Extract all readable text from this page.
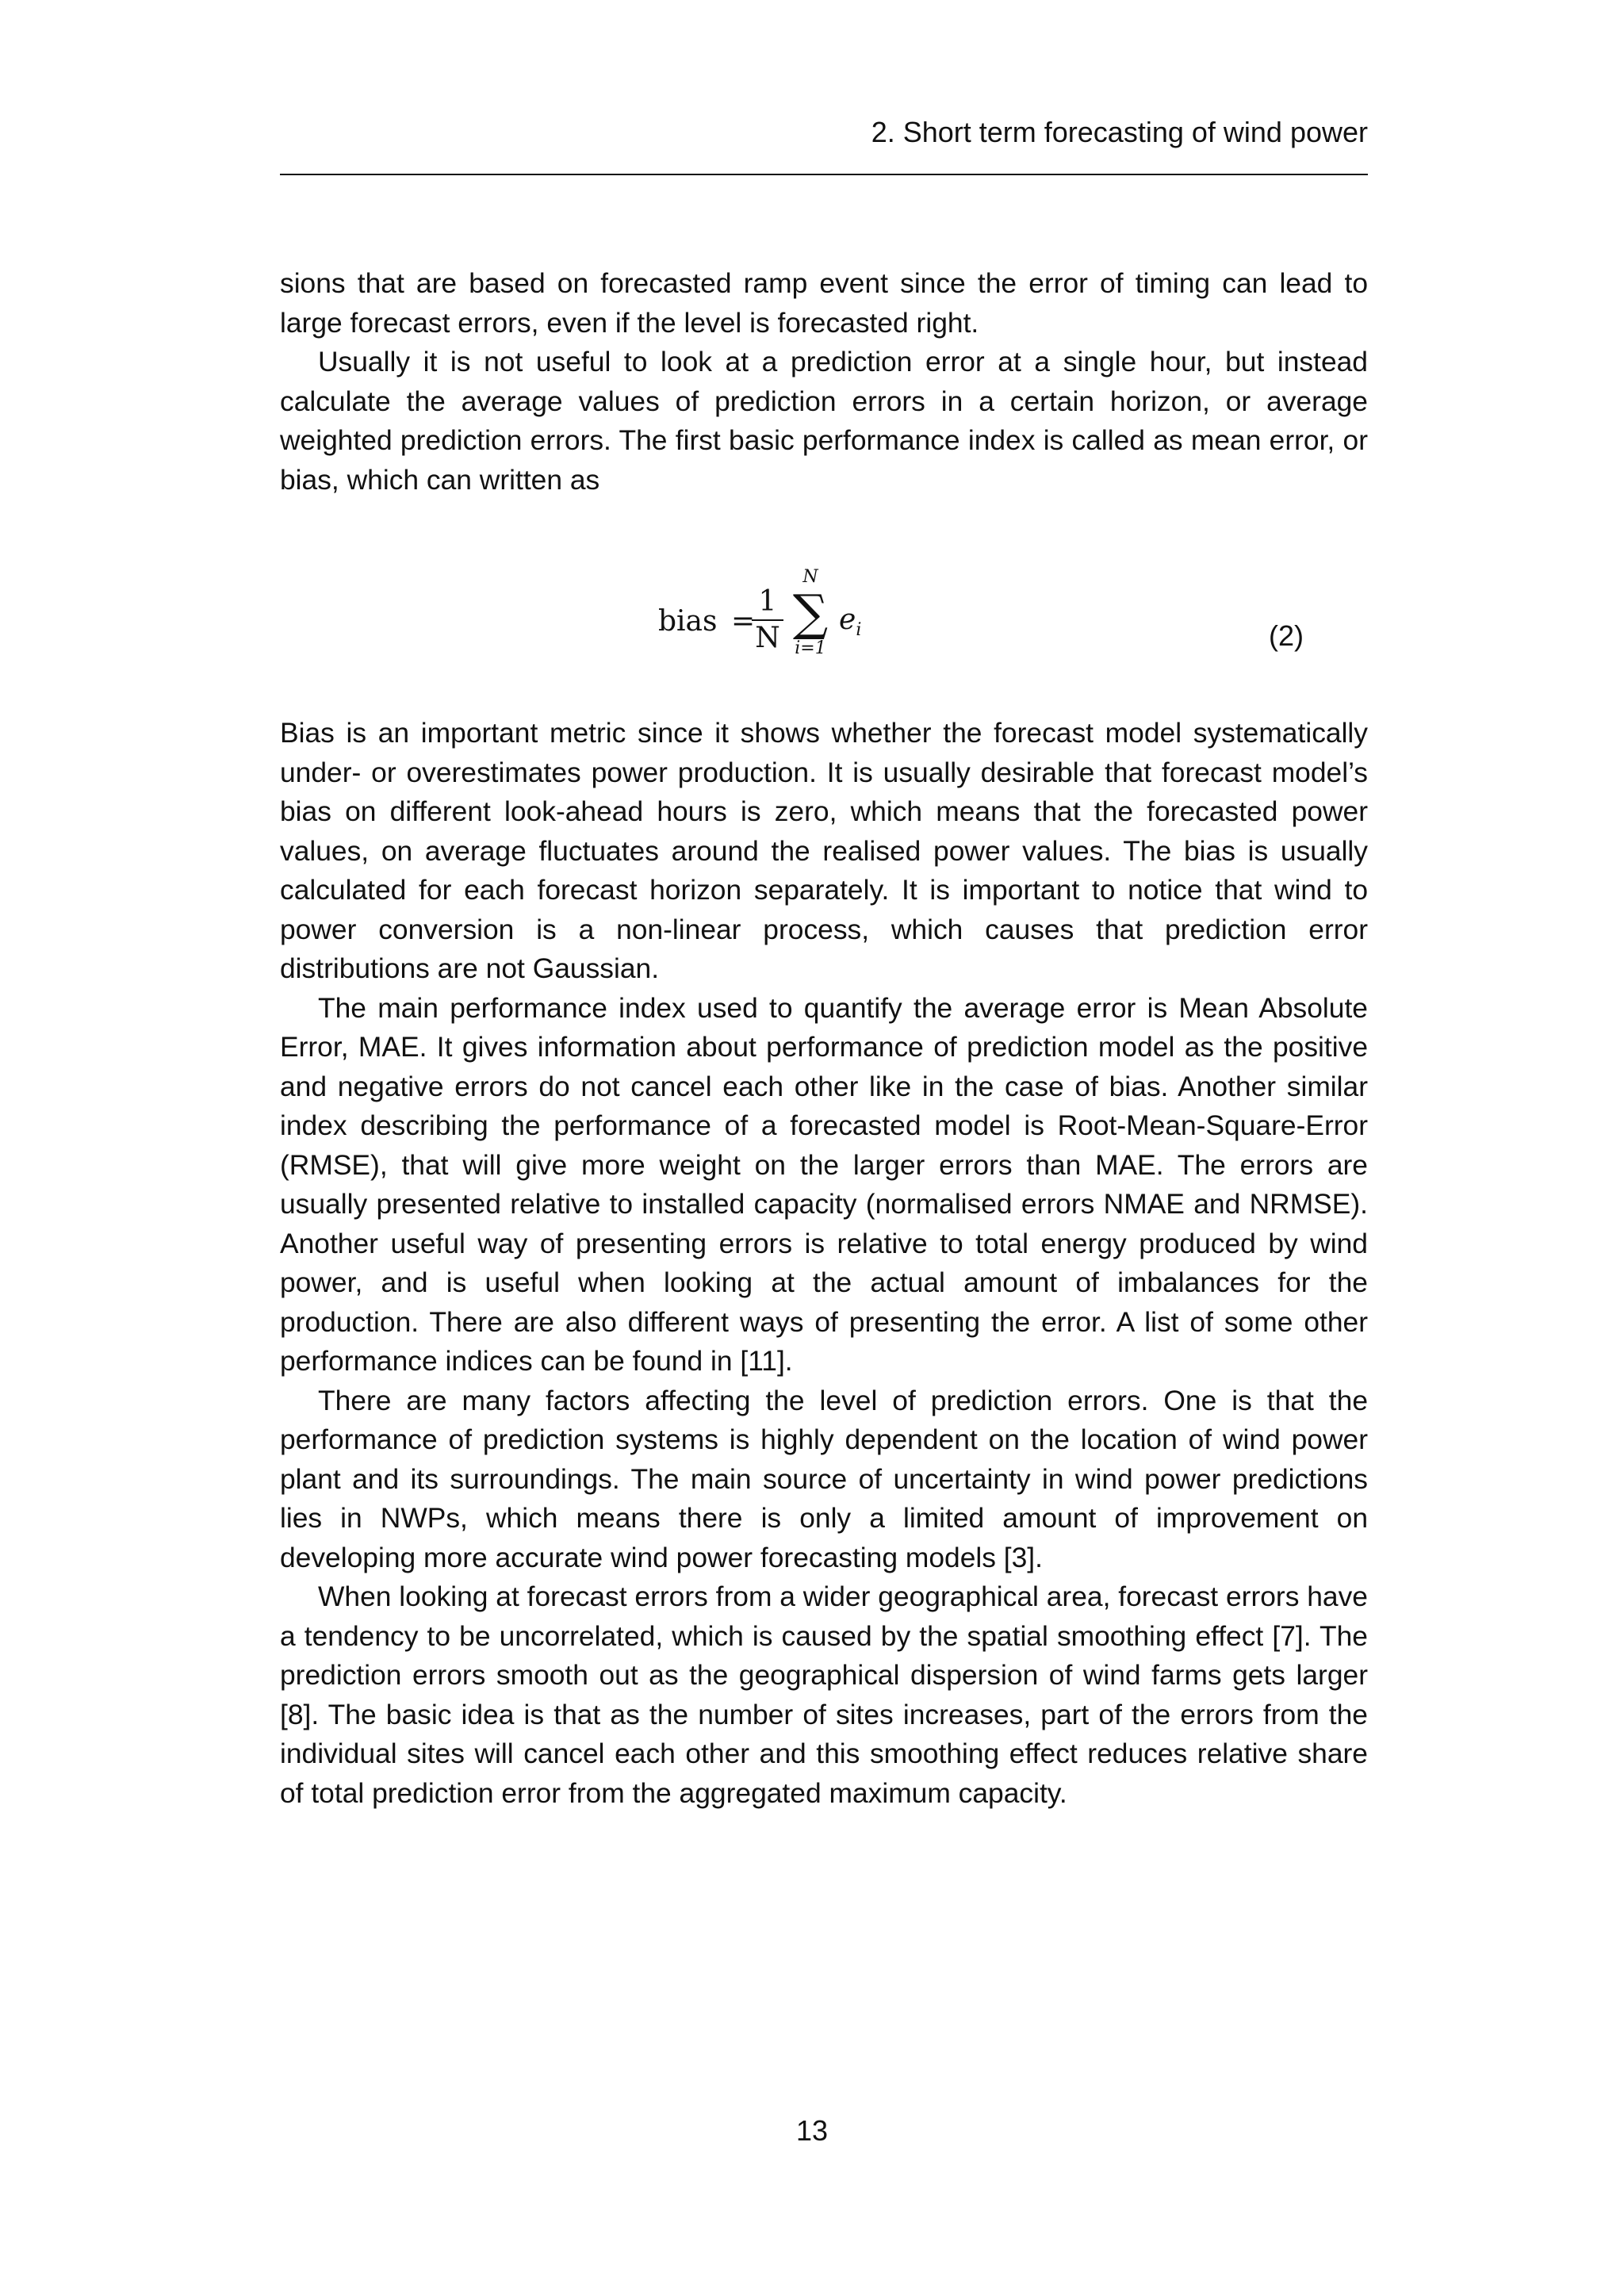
2. Short term forecasting of wind power

sions that are based on forecasted ramp event since the error of timing can lead to large forecast errors, even if the level is forecasted right.

Usually it is not useful to look at a prediction error at a single hour, but instead calculate the average values of prediction errors in a certain horizon, or average weighted prediction errors. The first basic performance index is called as mean error, or bias, which can written as

bias =
1
N
N
∑
i=1
$e_i$	(2)

Bias is an important metric since it shows whether the forecast model systematically under- or overestimates power production. It is usually desirable that forecast model’s bias on different look-ahead hours is zero, which means that the forecasted power values, on average fluctuates around the realised power values. The bias is usually calculated for each forecast horizon separately. It is important to notice that wind to power conversion is a non-linear process, which causes that prediction error distributions are not Gaussian.

The main performance index used to quantify the average error is Mean Absolute Error, MAE. It gives information about performance of prediction model as the positive and negative errors do not cancel each other like in the case of bias. Another similar index describing the performance of a forecasted model is Root-Mean-Square-Error (RMSE), that will give more weight on the larger errors than MAE. The errors are usually presented relative to installed capacity (normalised errors NMAE and NRMSE). Another useful way of presenting errors is relative to total energy produced by wind power, and is useful when looking at the actual amount of imbalances for the production. There are also different ways of presenting the error. A list of some other performance indices can be found in [11].

There are many factors affecting the level of prediction errors. One is that the performance of prediction systems is highly dependent on the location of wind power plant and its surroundings. The main source of uncertainty in wind power predictions lies in NWPs, which means there is only a limited amount of improvement on developing more accurate wind power forecasting models [3].

When looking at forecast errors from a wider geographical area, forecast errors have a tendency to be uncorrelated, which is caused by the spatial smoothing effect [7]. The prediction errors smooth out as the geographical dispersion of wind farms gets larger [8]. The basic idea is that as the number of sites increases, part of the errors from the individual sites will cancel each other and this smoothing effect reduces relative share of total prediction error from the aggregated maximum capacity.

13
